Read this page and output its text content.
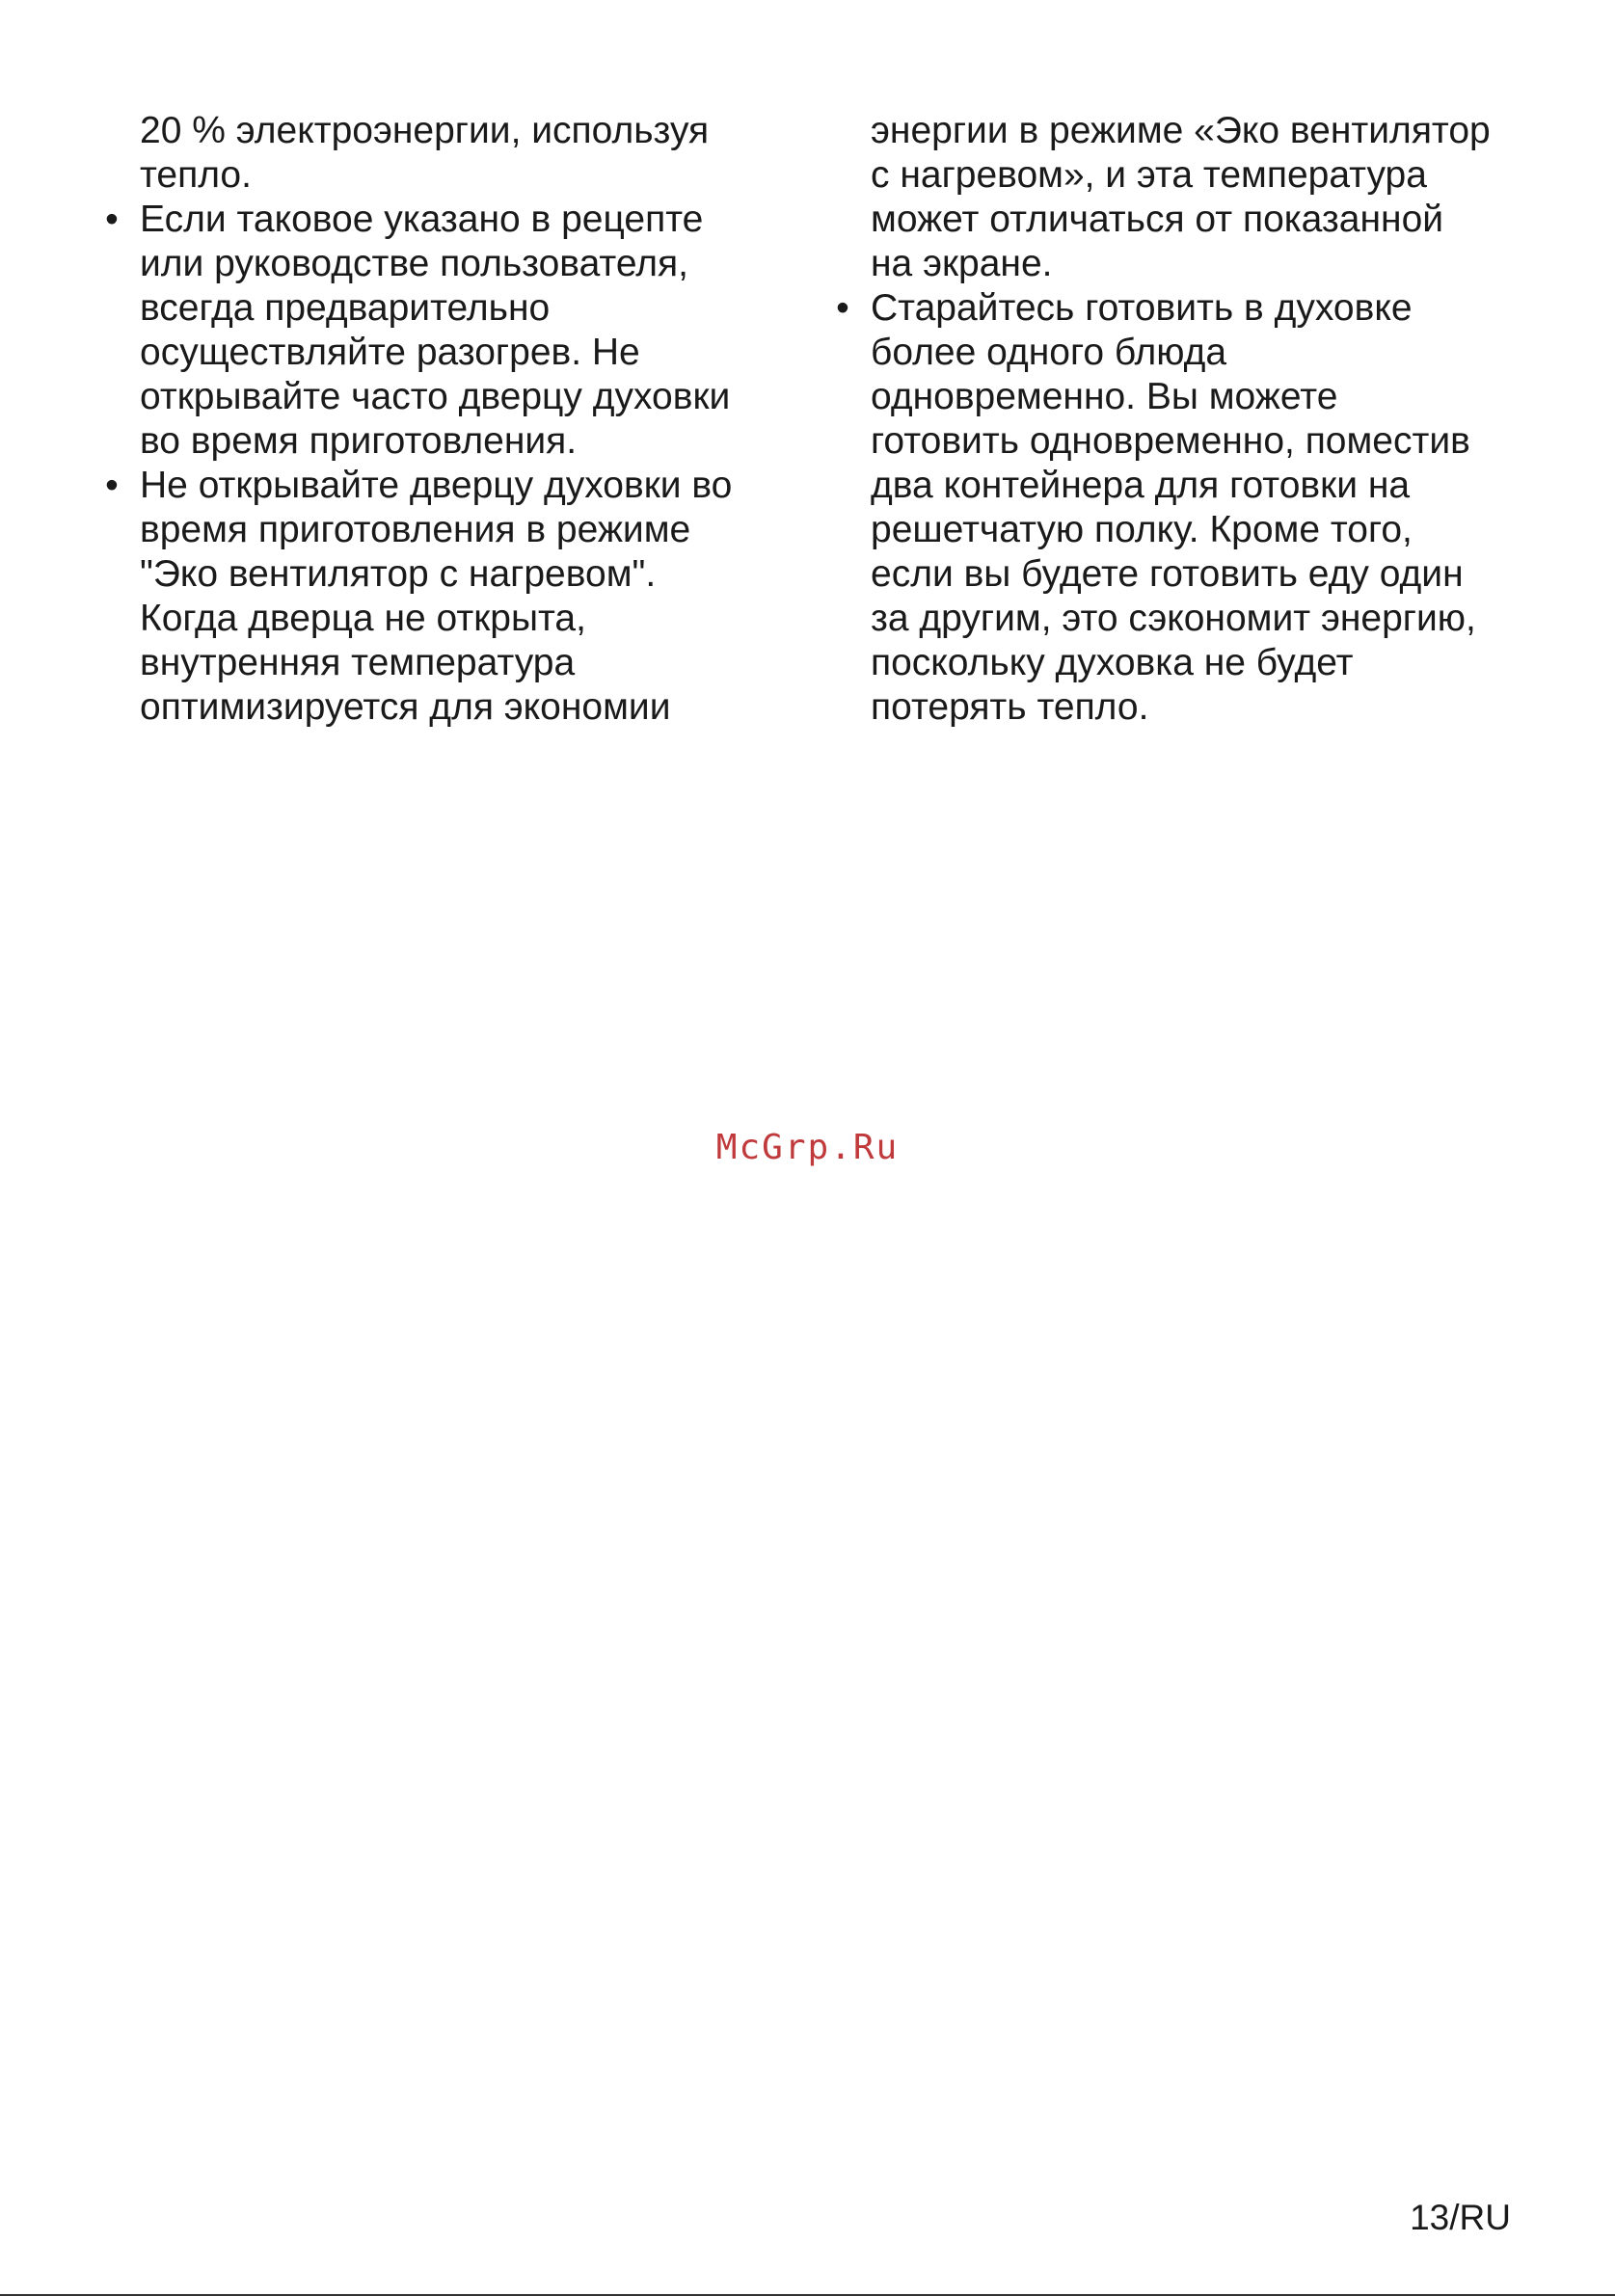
20 % электроэнергии, используя
тепло.
• Если таковое указано в рецепте
или руководстве пользователя,
всегда предварительно
осуществляйте разогрев. Не
открывайте часто дверцу духовки
во время приготовления.
• Не открывайте дверцу духовки во
время приготовления в режиме
"Эко вентилятор с нагревом".
Когда дверца не открыта,
внутренняя температура
оптимизируется для экономии
энергии в режиме «Эко вентилятор
с нагревом», и эта температура
может отличаться от показанной
на экране.
• Старайтесь готовить в духовке
более одного блюда
одновременно. Вы можете
готовить одновременно, поместив
два контейнера для готовки на
решетчатую полку. Кроме того,
если вы будете готовить еду один
за другим, это сэкономит энергию,
поскольку духовка не будет
потерять тепло.
McGrp.Ru
13/RU
